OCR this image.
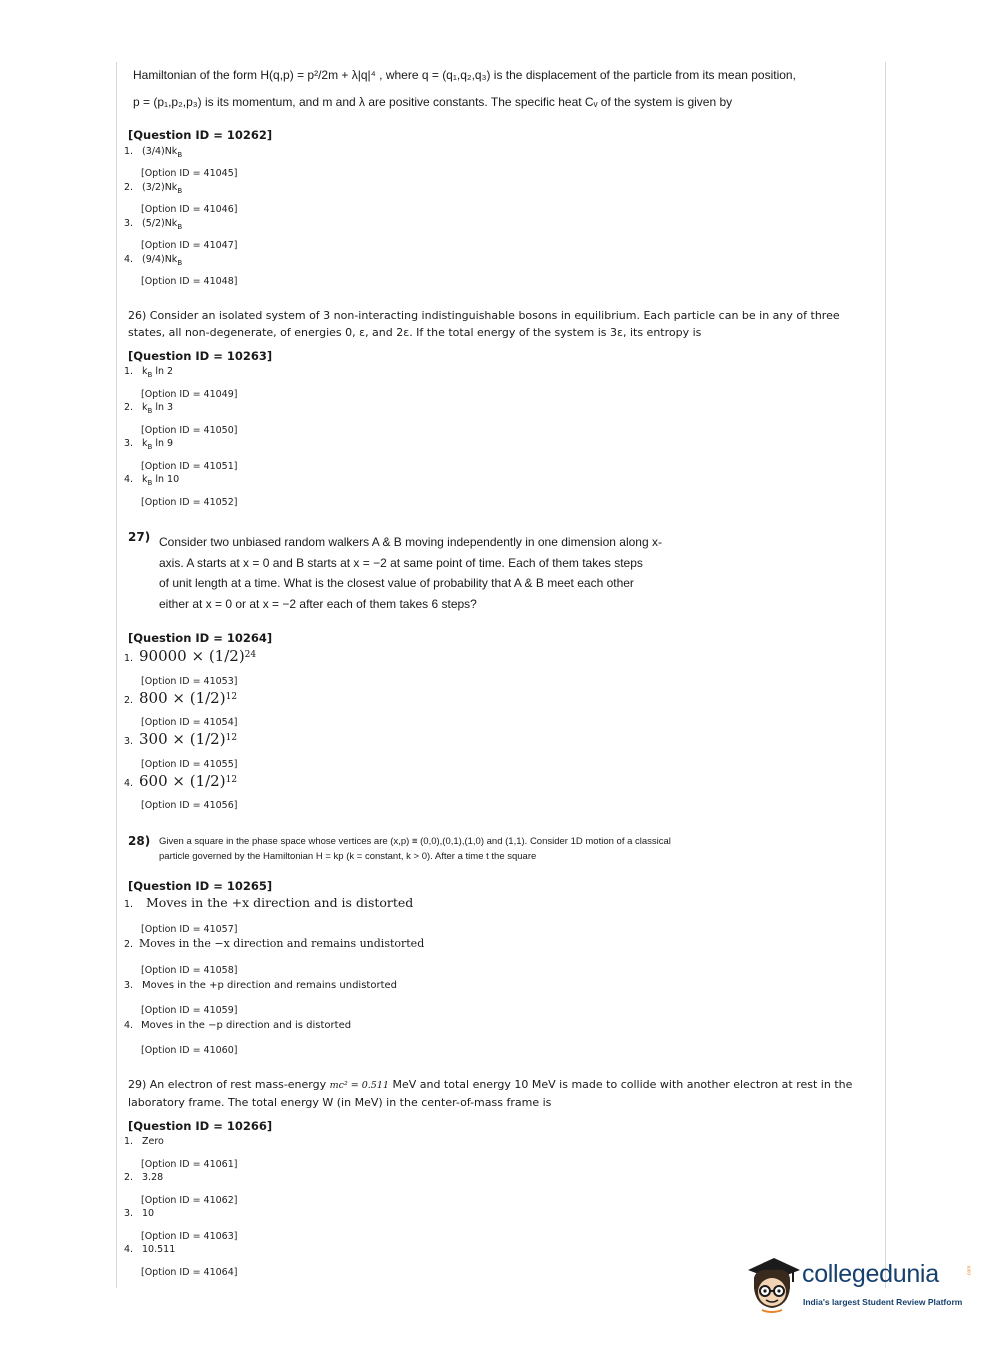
Hamiltonian of the form H(q,p) = p²/2m + λ|q|⁴ , where q = (q₁,q₂,q₃) is the displacement of the particle from its mean position,
p = (p₁,p₂,p₃) is its momentum, and m and λ are positive constants. The specific heat Cᵥ of the system is given by
[Question ID = 10262]
1. $(3/4)Nk_B$
[Option ID = 41045]
2. $(3/2)Nk_B$
[Option ID = 41046]
3. $(5/2)Nk_B$
[Option ID = 41047]
4. $(9/4)Nk_B$
[Option ID = 41048]
26) Consider an isolated system of 3 non-interacting indistinguishable bosons in equilibrium. Each particle can be in any of three
states, all non-degenerate, of energies 0, ε, and 2ε. If the total energy of the system is 3ε, its entropy is
[Question ID = 10263]
1. $k_B$ ln 2
[Option ID = 41049]
2. $k_B$ ln 3
[Option ID = 41050]
3. $k_B$ ln 9
[Option ID = 41051]
4. $k_B$ ln 10
[Option ID = 41052]
27) Consider two unbiased random walkers A & B moving independently in one dimension along x-
axis. A starts at x = 0 and B starts at x = −2 at same point of time. Each of them takes steps
of unit length at a time. What is the closest value of probability that A & B meet each other
either at x = 0 or at x = −2 after each of them takes 6 steps?
[Question ID = 10264]
1. $90000 \times (1/2)^{24}$
[Option ID = 41053]
2. $800 \times (1/2)^{12}$
[Option ID = 41054]
3. $300 \times (1/2)^{12}$
[Option ID = 41055]
4. $600 \times (1/2)^{12}$
[Option ID = 41056]
28) Given a square in the phase space whose vertices are (x,p) ≡ (0,0),(0,1),(1,0) and (1,1). Consider 1D motion of a classical
particle governed by the Hamiltonian H = kp (k = constant, k > 0). After a time t the square
[Question ID = 10265]
1. Moves in the +x direction and is distorted
[Option ID = 41057]
2. Moves in the −x direction and remains undistorted
[Option ID = 41058]
3. Moves in the +p direction and remains undistorted
[Option ID = 41059]
4. Moves in the −p direction and is distorted
[Option ID = 41060]
29) An electron of rest mass-energy mc² = 0.511 MeV and total energy 10 MeV is made to collide with another electron at rest in the
laboratory frame. The total energy W (in MeV) in the center-of-mass frame is
[Question ID = 10266]
1. Zero
[Option ID = 41061]
2. 3.28
[Option ID = 41062]
3. 10
[Option ID = 41063]
4. 10.511
[Option ID = 41064]	collegedunia
India's largest Student Review Platform
.com
